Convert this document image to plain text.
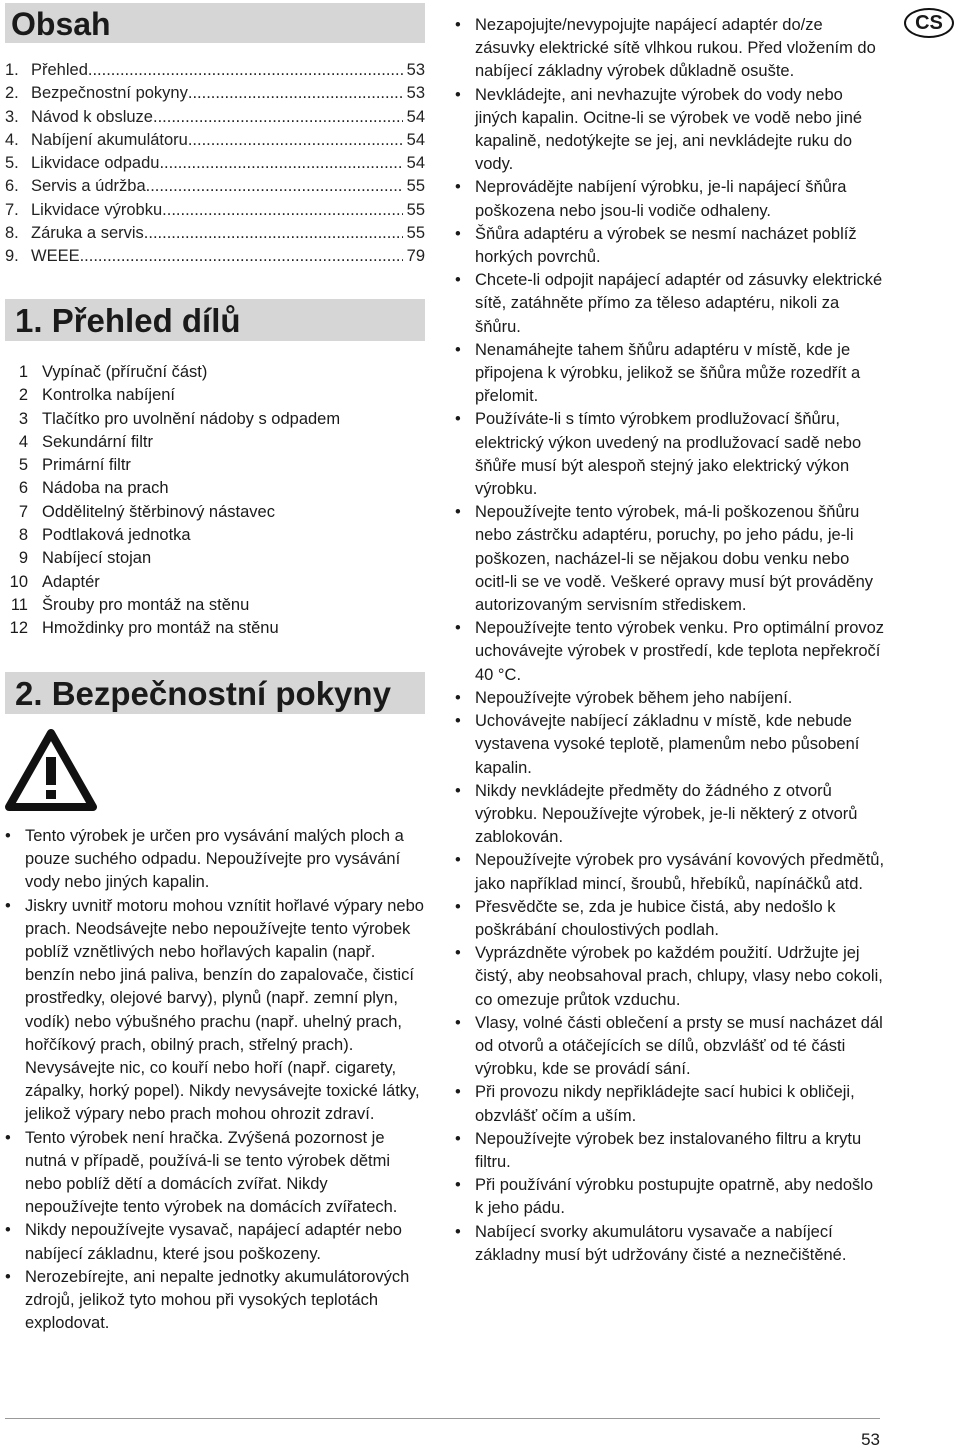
Obsah
1. Přehled .....	53
2. Bezpečnostní pokyny .....	53
3. Návod k obsluze .....	54
4. Nabíjení akumulátoru .....	54
5. Likvidace odpadu .....	54
6. Servis a údržba .....	55
7. Likvidace výrobku .....	55
8. Záruka a servis .....	55
9. WEEE .....	79
1. Přehled dílů
1 Vypínač (příruční část)
2 Kontrolka nabíjení
3 Tlačítko pro uvolnění nádoby s odpadem
4 Sekundární filtr
5 Primární filtr
6 Nádoba na prach
7 Oddělitelný štěrbinový nástavec
8 Podtlaková jednotka
9 Nabíjecí stojan
10 Adaptér
11 Šrouby pro montáž na stěnu
12 Hmoždinky pro montáž na stěnu
2. Bezpečnostní pokyny
• Tento výrobek je určen pro vysávání malých ploch a pouze suchého odpadu. Nepoužívejte pro vysávání vody nebo jiných kapalin.
• Jiskry uvnitř motoru mohou vznítit hořlavé výpary nebo prach. Neodsávejte nebo nepoužívejte tento výrobek poblíž vznětlivých nebo hořlavých kapalin (např. benzín nebo jiná paliva, benzín do zapalovače, čisticí prostředky, olejové barvy), plynů (např. zemní plyn, vodík) nebo výbušného prachu (např. uhelný prach, hořčíkový prach, obilný prach, střelný prach). Nevysávejte nic, co kouří nebo hoří (např. cigarety, zápalky, horký popel). Nikdy nevysávejte toxické látky, jelikož výpary nebo prach mohou ohrozit zdraví.
• Tento výrobek není hračka. Zvýšená pozornost je nutná v případě, používá-li se tento výrobek dětmi nebo poblíž dětí a domácích zvířat. Nikdy nepoužívejte tento výrobek na domácích zvířatech.
• Nikdy nepoužívejte vysavač, napájecí adaptér nebo nabíjecí základnu, které jsou poškozeny.
• Nerozebírejte, ani nepalte jednotky akumulátorových zdrojů, jelikož tyto mohou při vysokých teplotách explodovat.
• Nezapojujte/nevypojujte napájecí adaptér do/ze zásuvky elektrické sítě vlhkou rukou. Před vložením do nabíjecí základny výrobek důkladně osušte.
• Nevkládejte, ani nevhazujte výrobek do vody nebo jiných kapalin. Ocitne-li se výrobek ve vodě nebo jiné kapalině, nedotýkejte se jej, ani nevkládejte ruku do vody.
• Neprovádějte nabíjení výrobku, je-li napájecí šňůra poškozena nebo jsou-li vodiče odhaleny.
• Šňůra adaptéru a výrobek se nesmí nacházet poblíž horkých povrchů.
• Chcete-li odpojit napájecí adaptér od zásuvky elektrické sítě, zatáhněte přímo za těleso adaptéru, nikoli za šňůru.
• Nenamáhejte tahem šňůru adaptéru v místě, kde je připojena k výrobku, jelikož se šňůra může rozedřít a přelomit.
• Používáte-li s tímto výrobkem prodlužovací šňůru, elektrický výkon uvedený na prodlužovací sadě nebo šňůře musí být alespoň stejný jako elektrický výkon výrobku.
• Nepoužívejte tento výrobek, má-li poškozenou šňůru nebo zástrčku adaptéru, poruchy, po jeho pádu, je-li poškozen, nacházel-li se nějakou dobu venku nebo ocitl-li se ve vodě. Veškeré opravy musí být prováděny autorizovaným servisním střediskem.
• Nepoužívejte tento výrobek venku. Pro optimální provoz uchovávejte výrobek v prostředí, kde teplota nepřekročí 40 °C.
• Nepoužívejte výrobek během jeho nabíjení.
• Uchovávejte nabíjecí základnu v místě, kde nebude vystavena vysoké teplotě, plamenům nebo působení kapalin.
• Nikdy nevkládejte předměty do žádného z otvorů výrobku. Nepoužívejte výrobek, je-li některý z otvorů zablokován.
• Nepoužívejte výrobek pro vysávání kovových předmětů, jako například mincí, šroubů, hřebíků, napínáčků atd.
• Přesvědčte se, zda je hubice čistá, aby nedošlo k poškrábání choulostivých podlah.
• Vyprázdněte výrobek po každém použití. Udržujte jej čistý, aby neobsahoval prach, chlupy, vlasy nebo cokoli, co omezuje průtok vzduchu.
• Vlasy, volné části oblečení a prsty se musí nacházet dál od otvorů a otáčejících se dílů, obzvlášť od té části výrobku, kde se provádí sání.
• Při provozu nikdy nepřikládejte sací hubici k obličeji, obzvlášť očím a uším.
• Nepoužívejte výrobek bez instalovaného filtru a krytu filtru.
• Při používání výrobku postupujte opatrně, aby nedošlo k jeho pádu.
• Nabíjecí svorky akumulátoru vysavače a nabíjecí základny musí být udržovány čisté a neznečištěné.
CS
53
